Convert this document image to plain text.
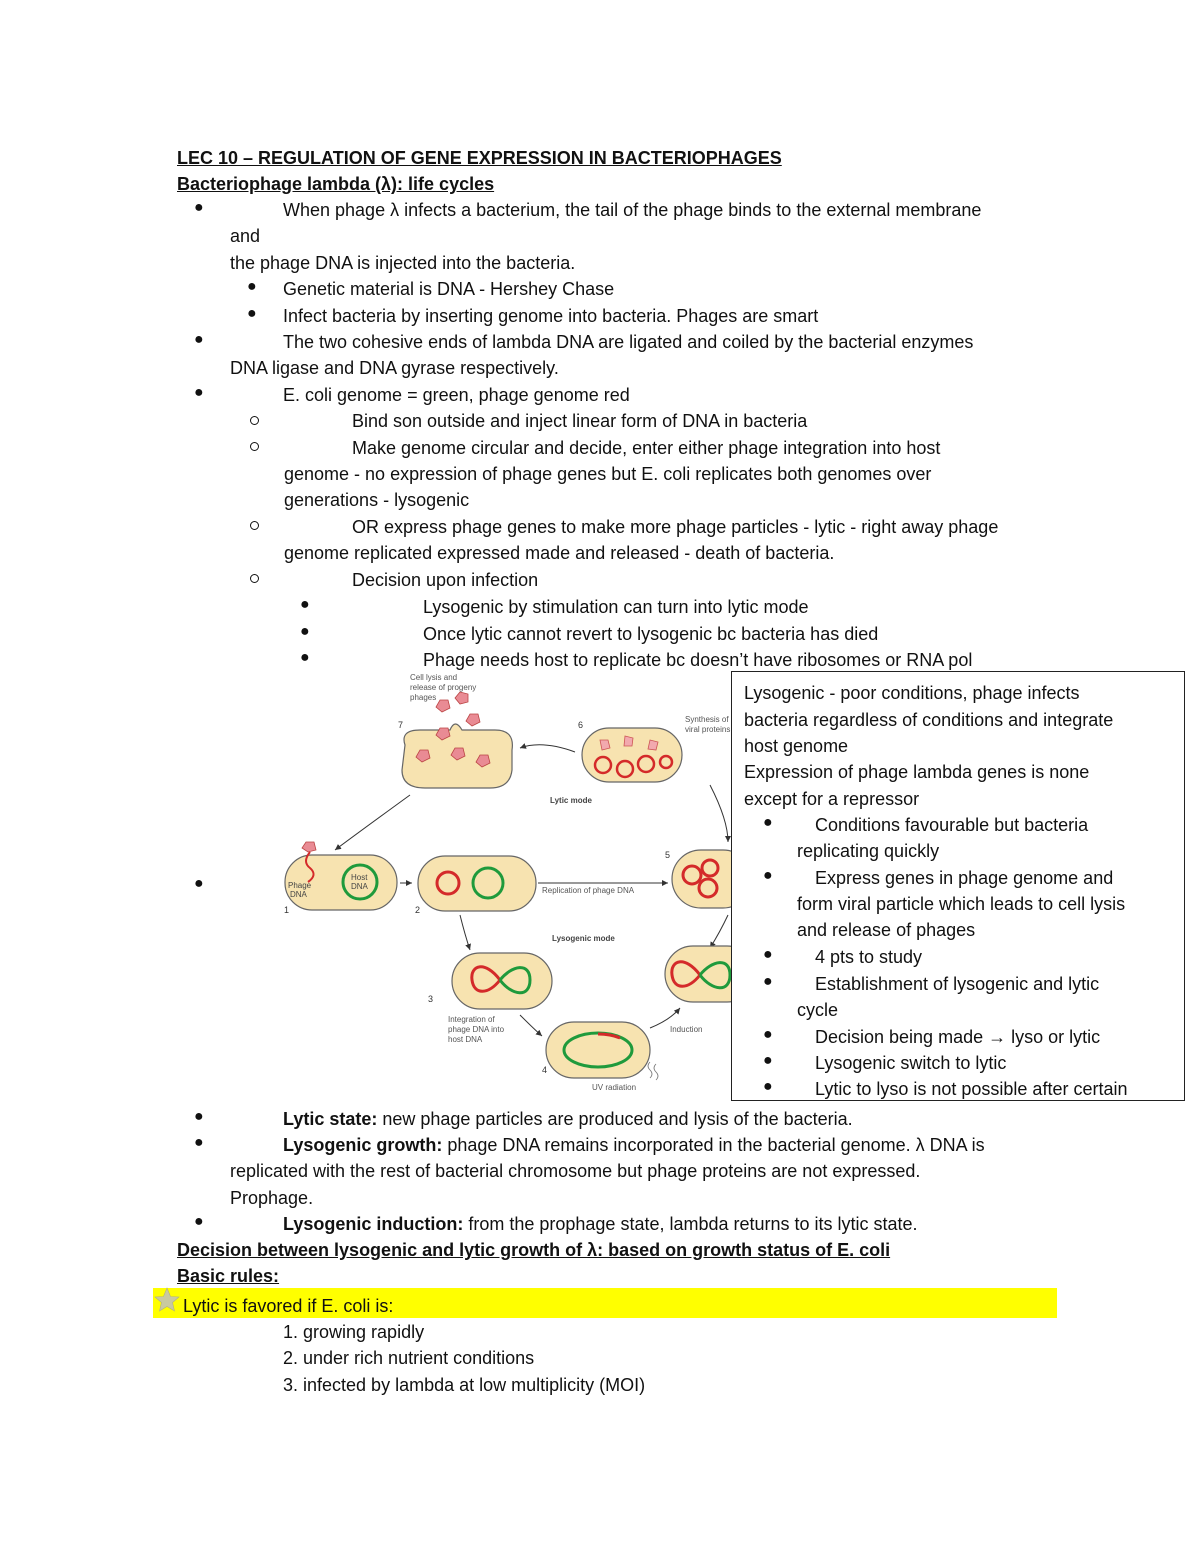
LEC 10 – REGULATION OF GENE EXPRESSION IN BACTERIOPHAGES
Bacteriophage lambda (λ): life cycles
●	When phage λ infects a bacterium, the tail of the phage binds to the external membrane
and
the phage DNA is injected into the bacteria.
● Genetic material is DNA - Hershey Chase
● Infect bacteria by inserting genome into bacteria. Phages are smart
●	The two cohesive ends of lambda DNA are ligated and coiled by the bacterial enzymes
DNA ligase and DNA gyrase respectively.
●	E. coli genome = green, phage genome red
Bind son outside and inject linear form of DNA in bacteria
Make genome circular and decide, enter either phage integration into host
genome - no expression of phage genes but E. coli replicates both genomes over
generations - lysogenic
OR express phage genes to make more phage particles - lytic - right away phage
genome replicated expressed made and released - death of bacteria.
Decision upon infection
●	Lysogenic by stimulation can turn into lytic mode
●	Once lytic cannot revert to lysogenic bc bacteria has died
●	Phage needs host to replicate bc doesn’t have ribosomes or RNA pol
●
Cell lysis and
release of progeny
phages
7	6
Synthesis of
viral proteins
Lytic mode
1
Phage
DNA
Host
DNA
2
Replication of phage DNA
5
Lysogenic mode
3
Integration of
phage DNA into
host DNA
Induction
4
UV radiation
Lysogenic - poor conditions, phage infects
bacteria regardless of conditions and integrate
host genome
Expression of phage lambda genes is none
except for a repressor
● Conditions favourable but bacteria
replicating quickly
● Express genes in phage genome and
form viral particle which leads to cell lysis
and release of phages
● 4 pts to study
● Establishment of lysogenic and lytic
cycle
● Decision being made → lyso or lytic
● Lysogenic switch to lytic
● Lytic to lyso is not possible after certain
●	Lytic state: new phage particles are produced and lysis of the bacteria.
●	Lysogenic growth: phage DNA remains incorporated in the bacterial genome. λ DNA is
replicated with the rest of bacterial chromosome but phage proteins are not expressed.
Prophage.
●	Lysogenic induction: from the prophage state, lambda returns to its lytic state.
Decision between lysogenic and lytic growth of λ: based on growth status of E. coli
Basic rules:
Lytic is favored if E. coli is:
1. growing rapidly
2. under rich nutrient conditions
3. infected by lambda at low multiplicity (MOI)
